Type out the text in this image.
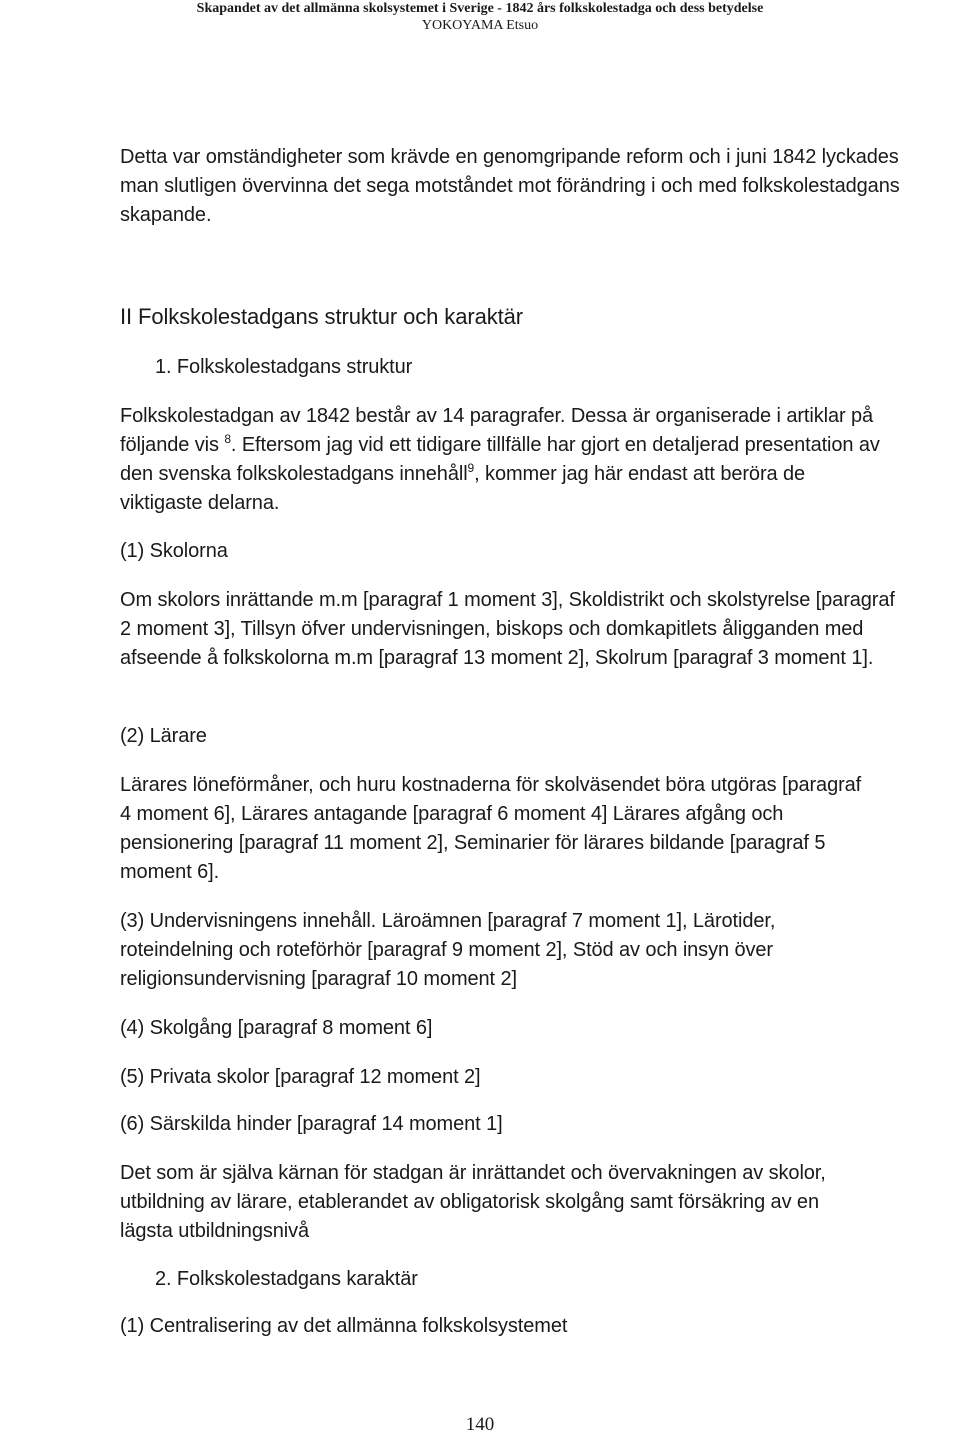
Skapandet av det allmänna skolsystemet i Sverige - 1842 års folkskolestadga och dess betydelse
YOKOYAMA Etsuo
Detta var omständigheter som krävde en genomgripande reform och i juni 1842 lyckades man slutligen övervinna det sega motståndet mot förändring i och med folkskolestadgans skapande.
II Folkskolestadgans struktur och karaktär
1. Folkskolestadgans struktur
Folkskolestadgan av 1842 består av 14 paragrafer. Dessa är organiserade i artiklar på följande vis $^8$. Eftersom jag vid ett tidigare tillfälle har gjort en detaljerad presentation av den svenska folkskolestadgans innehåll$^9$, kommer jag här endast att beröra de viktigaste delarna.
(1) Skolorna
Om skolors inrättande m.m [paragraf 1 moment 3], Skoldistrikt och skolstyrelse [paragraf 2 moment 3], Tillsyn öfver undervisningen, biskops och domkapitlets åligganden med afseende å folkskolorna m.m [paragraf 13 moment 2], Skolrum [paragraf 3 moment 1].
(2) Lärare
Lärares löneförmåner, och huru kostnaderna för skolväsendet böra utgöras [paragraf 4 moment 6], Lärares antagande [paragraf 6 moment 4] Lärares afgång och pensionering [paragraf 11 moment 2], Seminarier för lärares bildande [paragraf 5 moment 6].
(3) Undervisningens innehåll. Läroämnen [paragraf 7 moment 1], Lärotider, roteindelning och roteförhör [paragraf 9 moment 2], Stöd av och insyn över religionsundervisning [paragraf 10 moment 2]
(4) Skolgång [paragraf 8 moment 6]
(5) Privata skolor [paragraf 12 moment 2]
(6) Särskilda hinder [paragraf 14 moment 1]
Det som är själva kärnan för stadgan är inrättandet och övervakningen av skolor, utbildning av lärare, etablerandet av obligatorisk skolgång samt försäkring av en lägsta utbildningsnivå
2. Folkskolestadgans karaktär
(1) Centralisering av det allmänna folkskolsystemet
140
